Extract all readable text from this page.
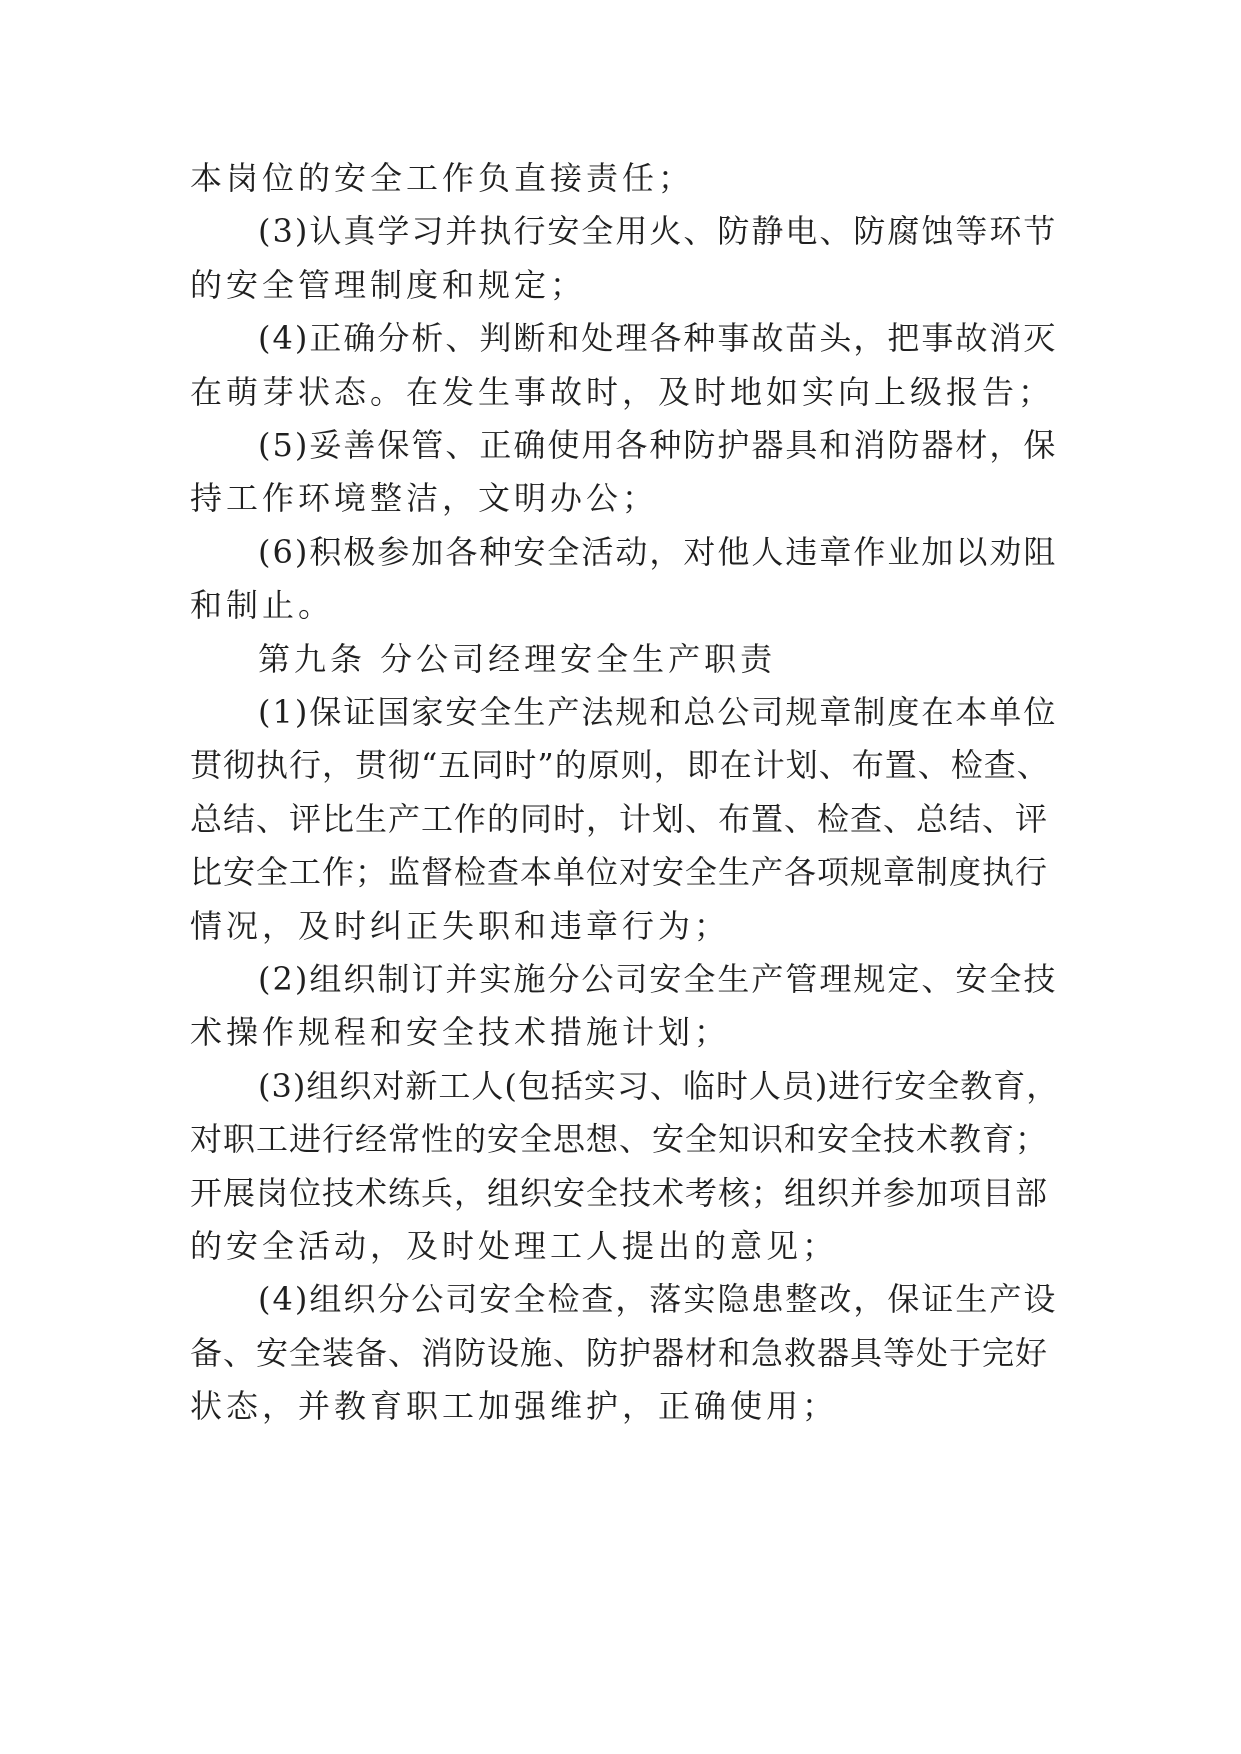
本岗位的安全工作负直接责任；
(3)认真学习并执行安全用火、防静电、防腐蚀等环节
的安全管理制度和规定；
(4)正确分析、判断和处理各种事故苗头，把事故消灭
在萌芽状态。在发生事故时，及时地如实向上级报告；
(5)妥善保管、正确使用各种防护器具和消防器材，保
持工作环境整洁，文明办公；
(6)积极参加各种安全活动，对他人违章作业加以劝阻
和制止。
第九条 分公司经理安全生产职责
(1)保证国家安全生产法规和总公司规章制度在本单位
贯彻执行，贯彻“五同时”的原则，即在计划、布置、检查、
总结、评比生产工作的同时，计划、布置、检查、总结、评
比安全工作；监督检查本单位对安全生产各项规章制度执行
情况，及时纠正失职和违章行为；
(2)组织制订并实施分公司安全生产管理规定、安全技
术操作规程和安全技术措施计划；
(3)组织对新工人(包括实习、临时人员)进行安全教育，
对职工进行经常性的安全思想、安全知识和安全技术教育；
开展岗位技术练兵，组织安全技术考核；组织并参加项目部
的安全活动，及时处理工人提出的意见；
(4)组织分公司安全检查，落实隐患整改，保证生产设
备、安全装备、消防设施、防护器材和急救器具等处于完好
状态，并教育职工加强维护，正确使用；
